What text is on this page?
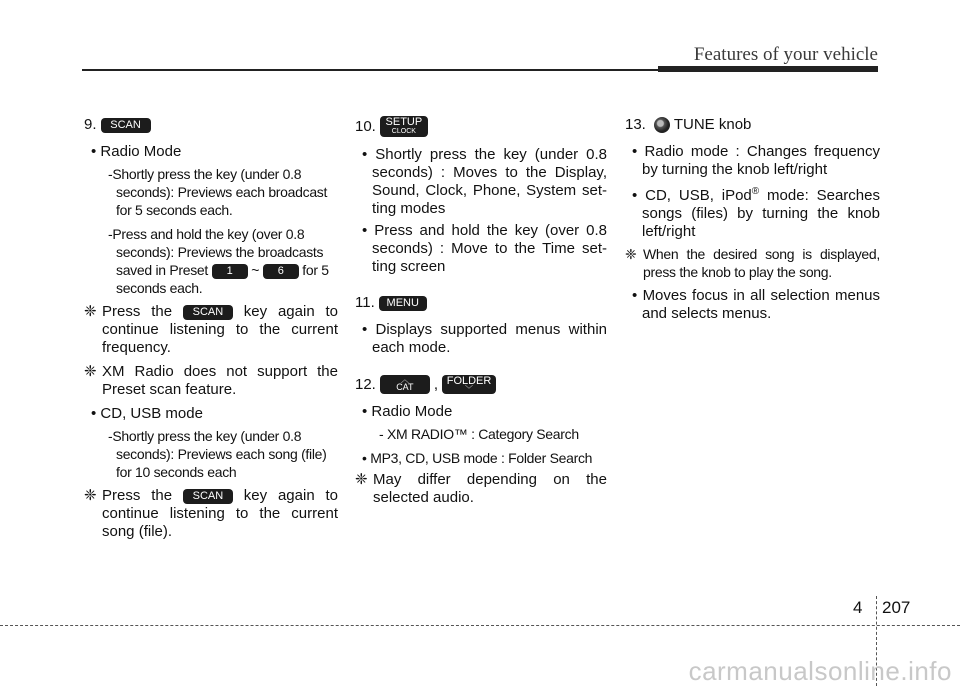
Features of your vehicle
9.	SCAN
• Radio Mode
-Shortly press the key (under 0.8 seconds): Previews each broadcast for 5 seconds each.
-Press and hold the key (over 0.8 seconds): Previews the broadcasts saved in Preset 1 ~ 6 for 5 seconds each.
❈ Press the SCAN key again to continue listening to the current frequency.
❈ XM Radio does not support the Preset scan feature.
• CD, USB mode
-Shortly press the key (under 0.8 seconds): Previews each song (file) for 10 seconds each
❈ Press the SCAN key again to continue listening to the current song (file).
10. SETUP
CLOCK
• Shortly press the key (under 0.8 seconds) : Moves to the Display, Sound, Clock, Phone, System set-ting modes
• Press and hold the key (over 0.8 seconds) : Move to the Time set-ting screen
11.	MENU
• Displays supported menus within each mode.
12.	︿
CAT	, FOLDER
﹀
• Radio Mode
- XM RADIO™ : Category Search
• MP3, CD, USB mode : Folder Search
❈ May differ depending on the selected audio.
13. TUNE knob
• Radio mode : Changes frequency by turning the knob left/right
• CD, USB, iPod® mode: Searches songs (files) by turning the knob left/right
❈ When the desired song is displayed, press the knob to play the song.
• Moves focus in all selection menus and selects menus.
4 207
carmanualsonline.info
